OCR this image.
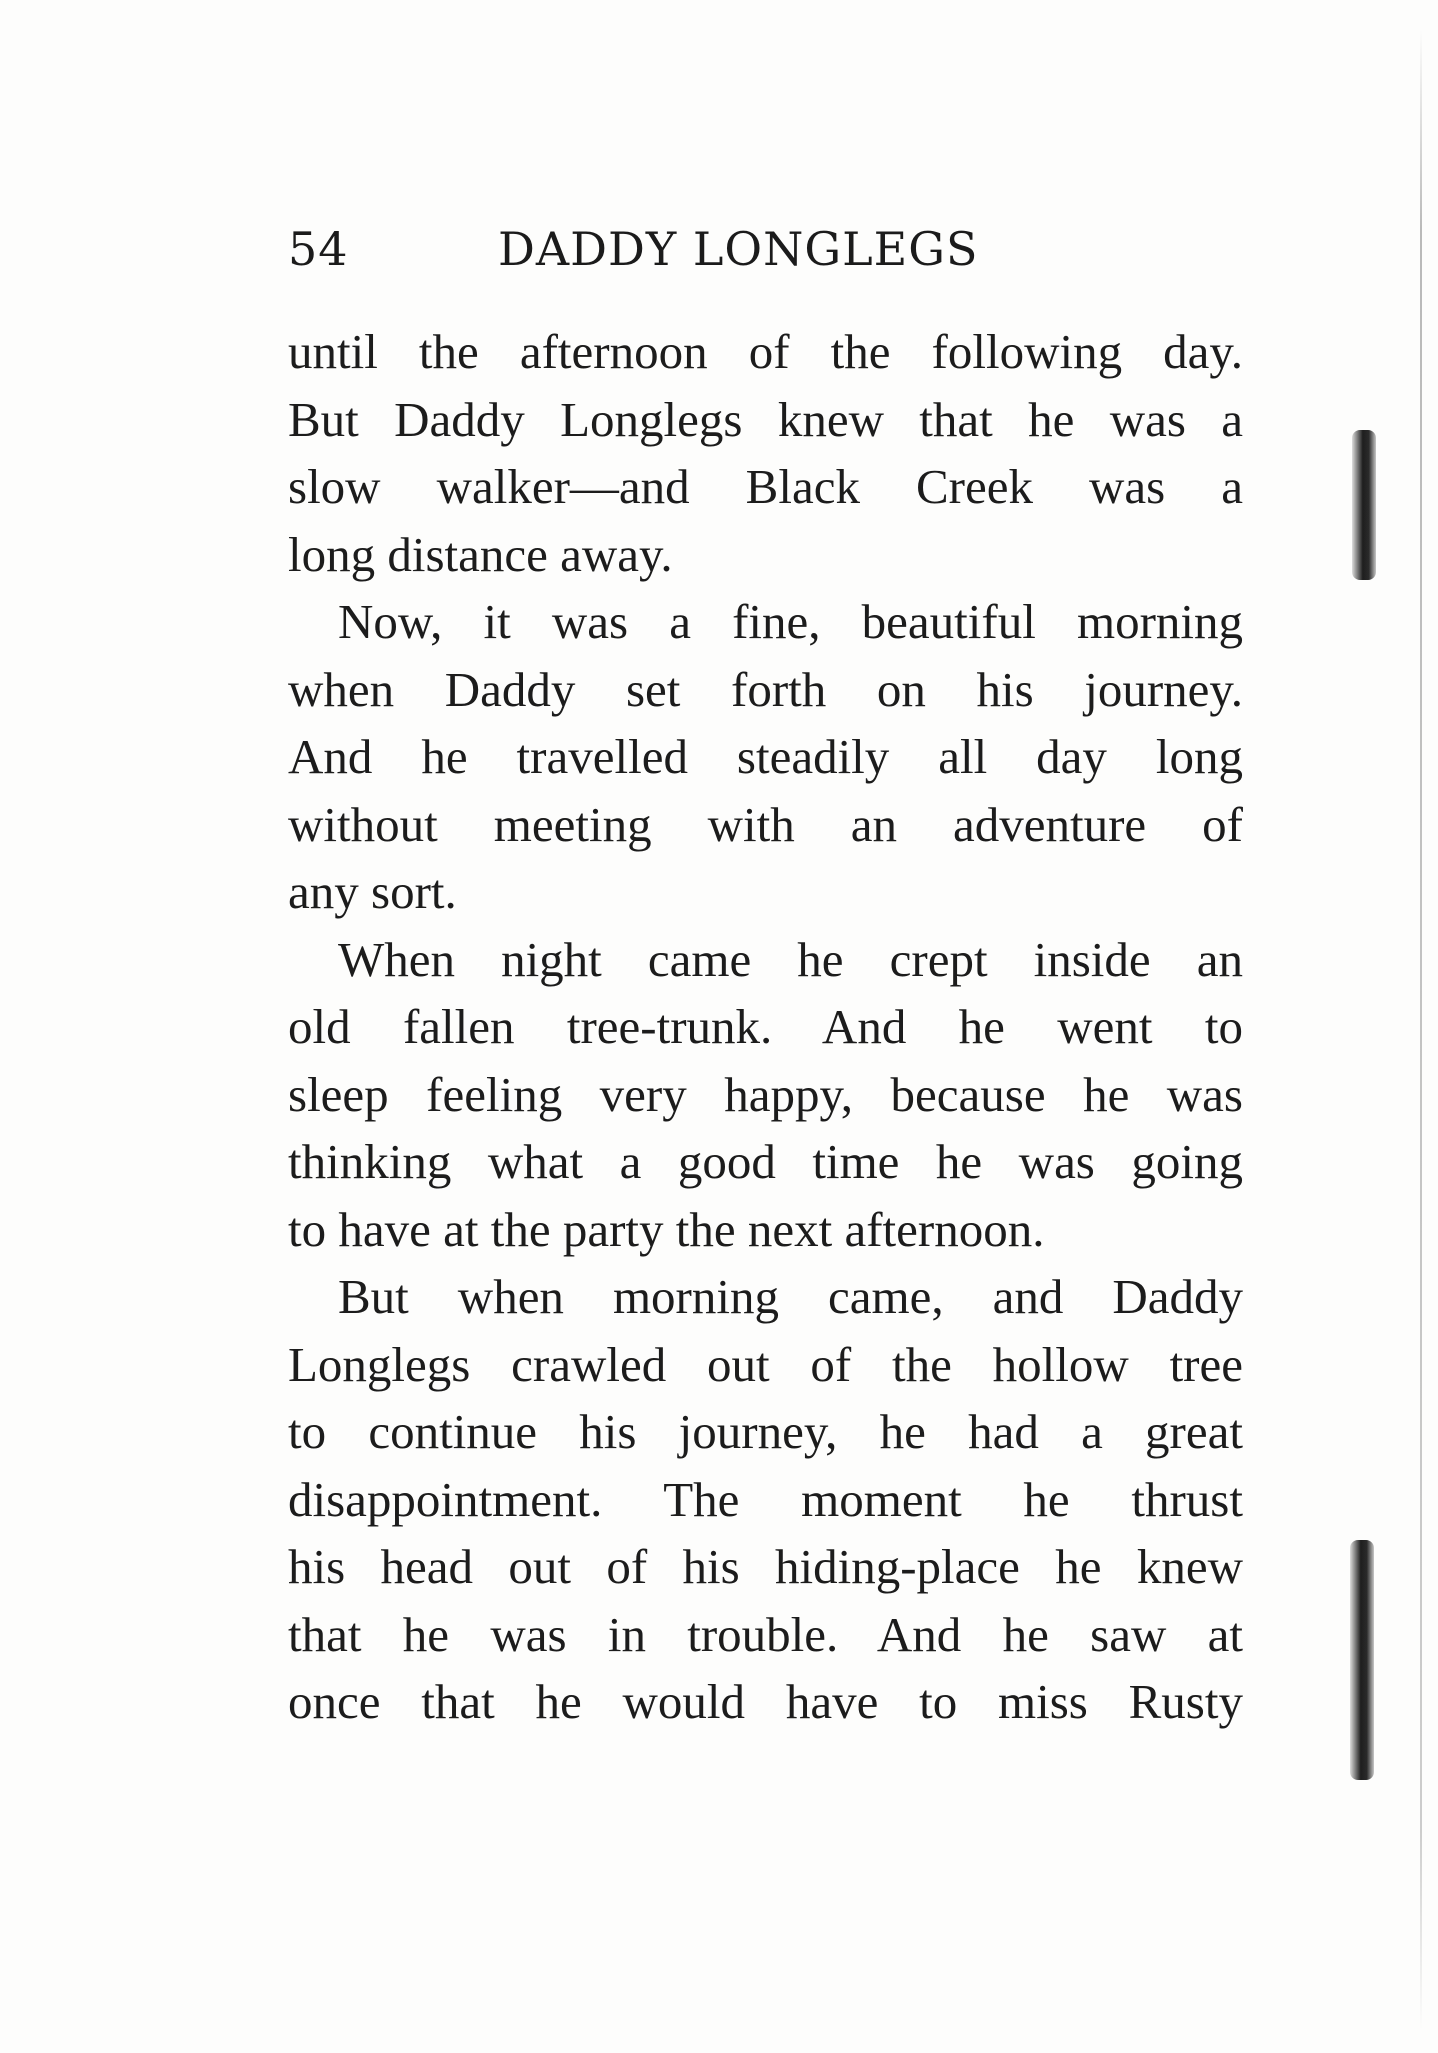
54	DADDY LONGLEGS
until the afternoon of the following day.
But Daddy Longlegs knew that he was a
slow walker—and Black Creek was a
long distance away.
Now, it was a fine, beautiful morning
when Daddy set forth on his journey.
And he travelled steadily all day long
without meeting with an adventure of
any sort.
When night came he crept inside an
old fallen tree-trunk. And he went to
sleep feeling very happy, because he was
thinking what a good time he was going
to have at the party the next afternoon.
But when morning came, and Daddy
Longlegs crawled out of the hollow tree
to continue his journey, he had a great
disappointment. The moment he thrust
his head out of his hiding-place he knew
that he was in trouble. And he saw at
once that he would have to miss Rusty
